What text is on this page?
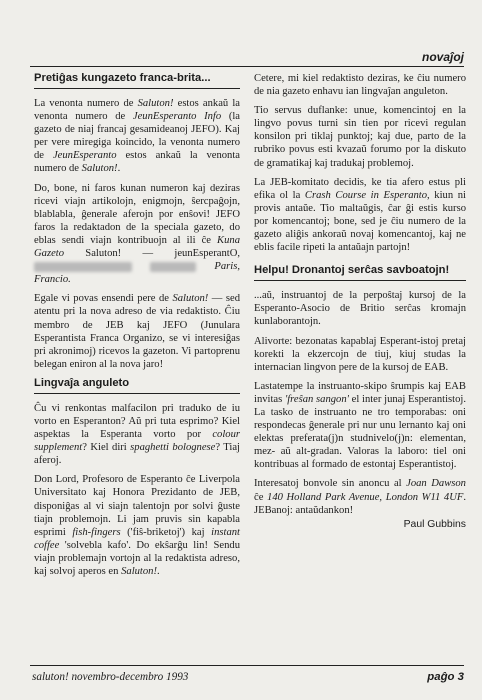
novaĵoj
Pretiĝas kungazeto franca-brita...

La venonta numero de Saluton! estos ankaŭ la venonta numero de JeunEsperanto Info (la gazeto de niaj francaj gesamideanoj JEFO). Kaj per vere miregiga koincido, la venonta numero de JeunEsperanto estos ankaŭ la venonta numero de Saluton!.

Do, bone, ni faros kunan numeron kaj deziras ricevi viajn artikolojn, enigmojn, ŝercpaĝojn, blablabla, ĝenerale aferojn por enŝovi! JEFO faros la redaktadon de la speciala gazeto, do eblas sendi viajn kontribuojn al ili ĉe Kuna Gazeto Saluton! — jeunEsperantO,   Paris, Francio.

Egale vi povas ensendi pere de Saluton! — sed atentu pri la nova adreso de via redaktisto. Ĉiu membro de JEB kaj JEFO (Junulara Esperantista Franca Organizo, se vi interesiĝas pri akronimoj) ricevos la gazeton. Vi partoprenu belegan eniron al la nova jaro!

Lingvaĵa anguleto

Ĉu vi renkontas malfacilon pri traduko de iu vorto en Esperanton? Aŭ pri tuta esprimo? Kiel aspektas la Esperanta vorto por colour supplement? Kiel diri spaghetti bolognese? Tiaj aferoj.

Don Lord, Profesoro de Esperanto ĉe Liverpola Universitato kaj Honora Prezidanto de JEB, disponiĝas al vi siajn talentojn por solvi ĝuste tiajn problemojn. Li jam pruvis sin kapabla esprimi fish-fingers ('fiŝ-briketoj') kaj instant coffee 'solvebla kafo'. Do ekŝarĝu lin! Sendu viajn problemajn vortojn al la redaktista adreso, kaj solvoj aperos en Saluton!.

Cetere, mi kiel redaktisto deziras, ke ĉiu numero de nia gazeto enhavu ian lingvaĵan anguleton.

Tio servus duflanke: unue, komencintoj en la lingvo povus turni sin tien por ricevi regulan konsilon pri tiklaj punktoj; kaj due, parto de la rubriko povus esti kvazaŭ forumo por la diskuto de gramatikaj kaj tradukaj problemoj.

La JEB-komitato decidis, ke tia afero estus pli efika ol la Crash Course in Esperanto, kiun ni provis antaŭe. Tio maltaŭgis, ĉar ĝi estis kurso por komencantoj; bone, sed je ĉiu numero de la gazeto aliĝis ankoraŭ novaj komencantoj, kaj ne eblis facile ripeti la antaŭajn partojn!

Helpu! Dronantoj serĉas savboatojn!

...aŭ, instruantoj de la perpoŝtaj kursoj de la Esperanto-Asocio de Britio serĉas kromajn kunlaborantojn.

Alivorte: bezonatas kapablaj Esperant-istoj pretaj korekti la ekzercojn de tiuj, kiuj studas la internacian lingvon pere de la kursoj de EAB.

Lastatempe la instruanto-skipo ŝrumpis kaj EAB invitas 'freŝan sangon' el inter junaj Esperantistoj. La tasko de instruanto ne tro temporabas: oni respondecas ĝenerale pri nur unu lernanto kaj oni elektas preferata(j)n studnivelo(j)n: elementan, mez- aŭ alt-gradan. Valoras la laboro: tiel oni kontribuas al formado de estontaj Esperantistoj.

Interesatoj bonvole sin anoncu al Joan Dawson ĉe 140 Holland Park Avenue, London W11 4UF. JEBanoj: antaŭdankon!

Paul Gubbins
saluton! novembro-decembro 1993	paĝo 3
